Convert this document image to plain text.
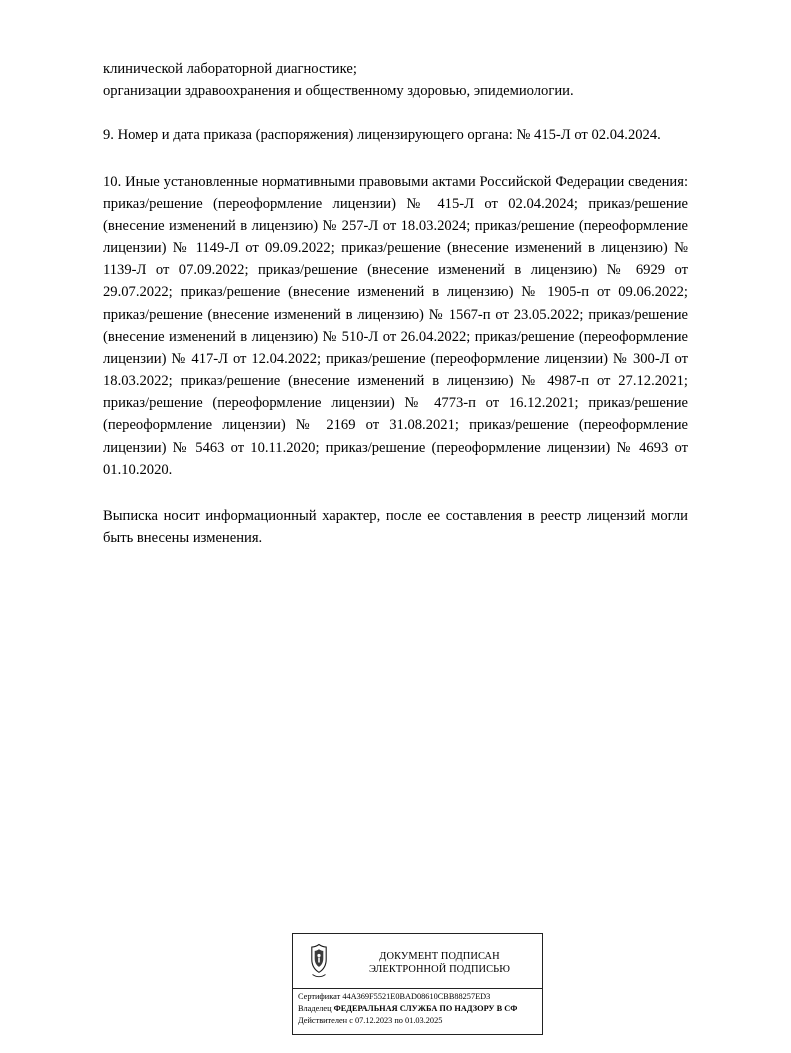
клинической лабораторной диагностике;
организации здравоохранения и общественному здоровью, эпидемиологии.

9. Номер и дата приказа (распоряжения) лицензирующего органа: № 415-Л от 02.04.2024.

10. Иные установленные нормативными правовыми актами Российской Федерации сведения: приказ/решение (переоформление лицензии) № 415-Л от 02.04.2024; приказ/решение (внесение изменений в лицензию) № 257-Л от 18.03.2024; приказ/решение (переоформление лицензии) № 1149-Л от 09.09.2022; приказ/решение (внесение изменений в лицензию) № 1139-Л от 07.09.2022; приказ/решение (внесение изменений в лицензию) № 6929 от 29.07.2022; приказ/решение (внесение изменений в лицензию) № 1905-п от 09.06.2022; приказ/решение (внесение изменений в лицензию) № 1567-п от 23.05.2022; приказ/решение (внесение изменений в лицензию) № 510-Л от 26.04.2022; приказ/решение (переоформление лицензии) № 417-Л от 12.04.2022; приказ/решение (переоформление лицензии) № 300-Л от 18.03.2022; приказ/решение (внесение изменений в лицензию) № 4987-п от 27.12.2021; приказ/решение (переоформление лицензии) № 4773-п от 16.12.2021; приказ/решение (переоформление лицензии) № 2169 от 31.08.2021; приказ/решение (переоформление лицензии) № 5463 от 10.11.2020; приказ/решение (переоформление лицензии) № 4693 от 01.10.2020.

Выписка носит информационный характер, после ее составления в реестр лицензий могли быть внесены изменения.

ДОКУМЕНТ ПОДПИСАН
ЭЛЕКТРОННОЙ ПОДПИСЬЮ
Сертификат 44A369F5521E0BAD08610CBB88257ED3
Владелец ФЕДЕРАЛЬНАЯ СЛУЖБА ПО НАДЗОРУ В СФ
Действителен с 07.12.2023 по 01.03.2025
